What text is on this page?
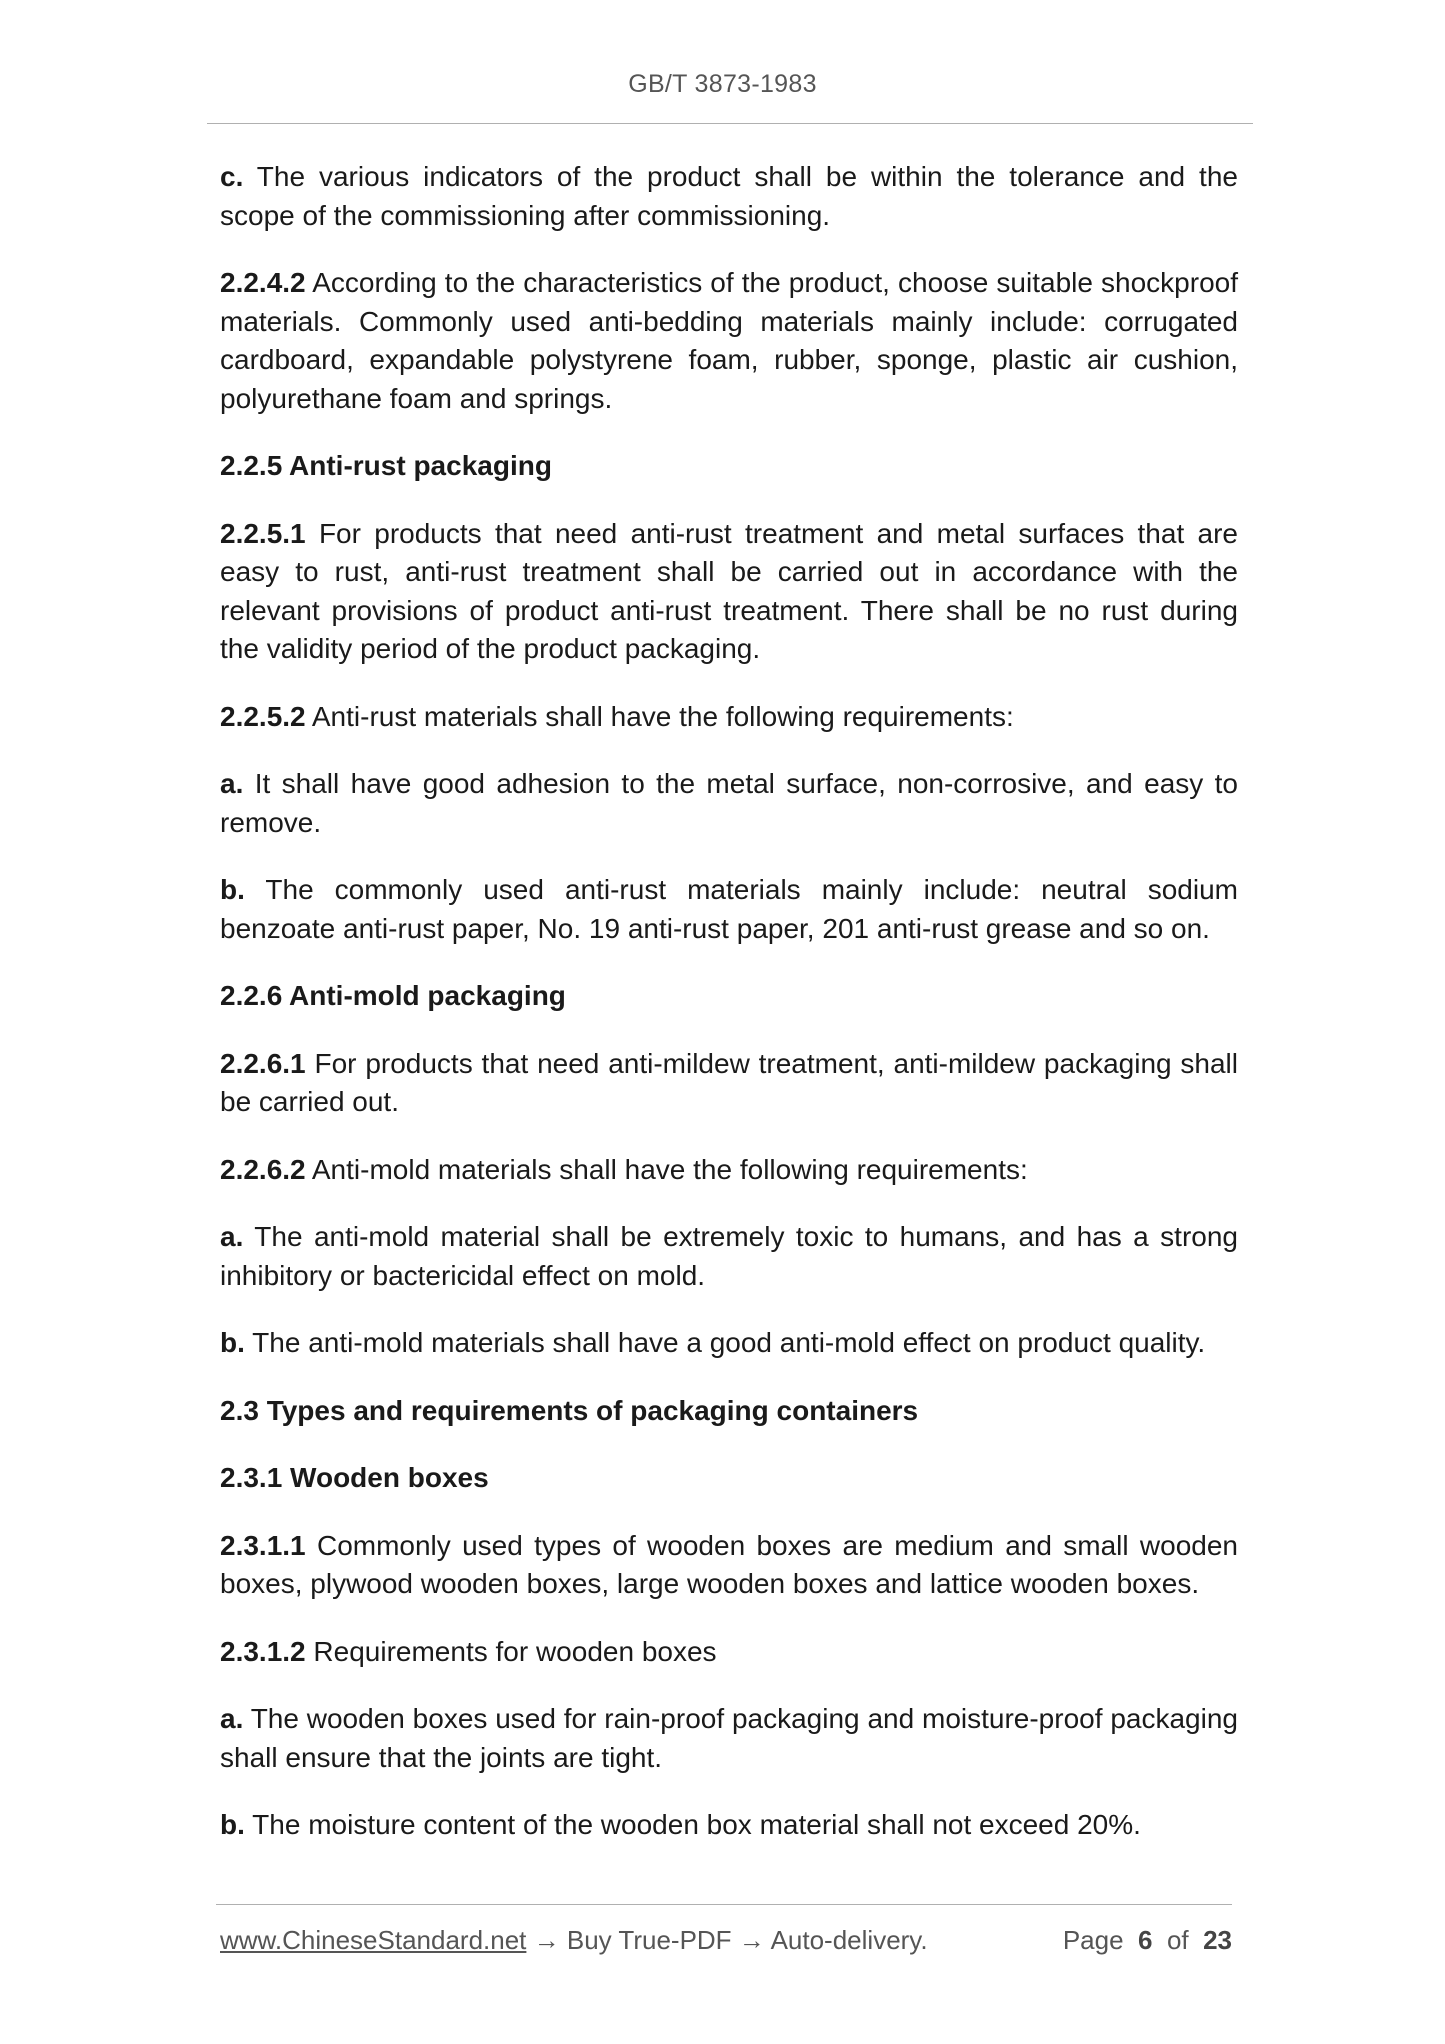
GB/T 3873-1983

c. The various indicators of the product shall be within the tolerance and the scope of the commissioning after commissioning.

2.2.4.2 According to the characteristics of the product, choose suitable shockproof materials. Commonly used anti-bedding materials mainly include: corrugated cardboard, expandable polystyrene foam, rubber, sponge, plastic air cushion, polyurethane foam and springs.

2.2.5 Anti-rust packaging

2.2.5.1 For products that need anti-rust treatment and metal surfaces that are easy to rust, anti-rust treatment shall be carried out in accordance with the relevant provisions of product anti-rust treatment. There shall be no rust during the validity period of the product packaging.

2.2.5.2 Anti-rust materials shall have the following requirements:

a. It shall have good adhesion to the metal surface, non-corrosive, and easy to remove.

b. The commonly used anti-rust materials mainly include: neutral sodium benzoate anti-rust paper, No. 19 anti-rust paper, 201 anti-rust grease and so on.

2.2.6 Anti-mold packaging

2.2.6.1 For products that need anti-mildew treatment, anti-mildew packaging shall be carried out.

2.2.6.2 Anti-mold materials shall have the following requirements:

a. The anti-mold material shall be extremely toxic to humans, and has a strong inhibitory or bactericidal effect on mold.

b. The anti-mold materials shall have a good anti-mold effect on product quality.

2.3 Types and requirements of packaging containers

2.3.1 Wooden boxes

2.3.1.1 Commonly used types of wooden boxes are medium and small wooden boxes, plywood wooden boxes, large wooden boxes and lattice wooden boxes.

2.3.1.2 Requirements for wooden boxes

a. The wooden boxes used for rain-proof packaging and moisture-proof packaging shall ensure that the joints are tight.

b. The moisture content of the wooden box material shall not exceed 20%.

www.ChineseStandard.net → Buy True-PDF → Auto-delivery.	Page 6 of 23
